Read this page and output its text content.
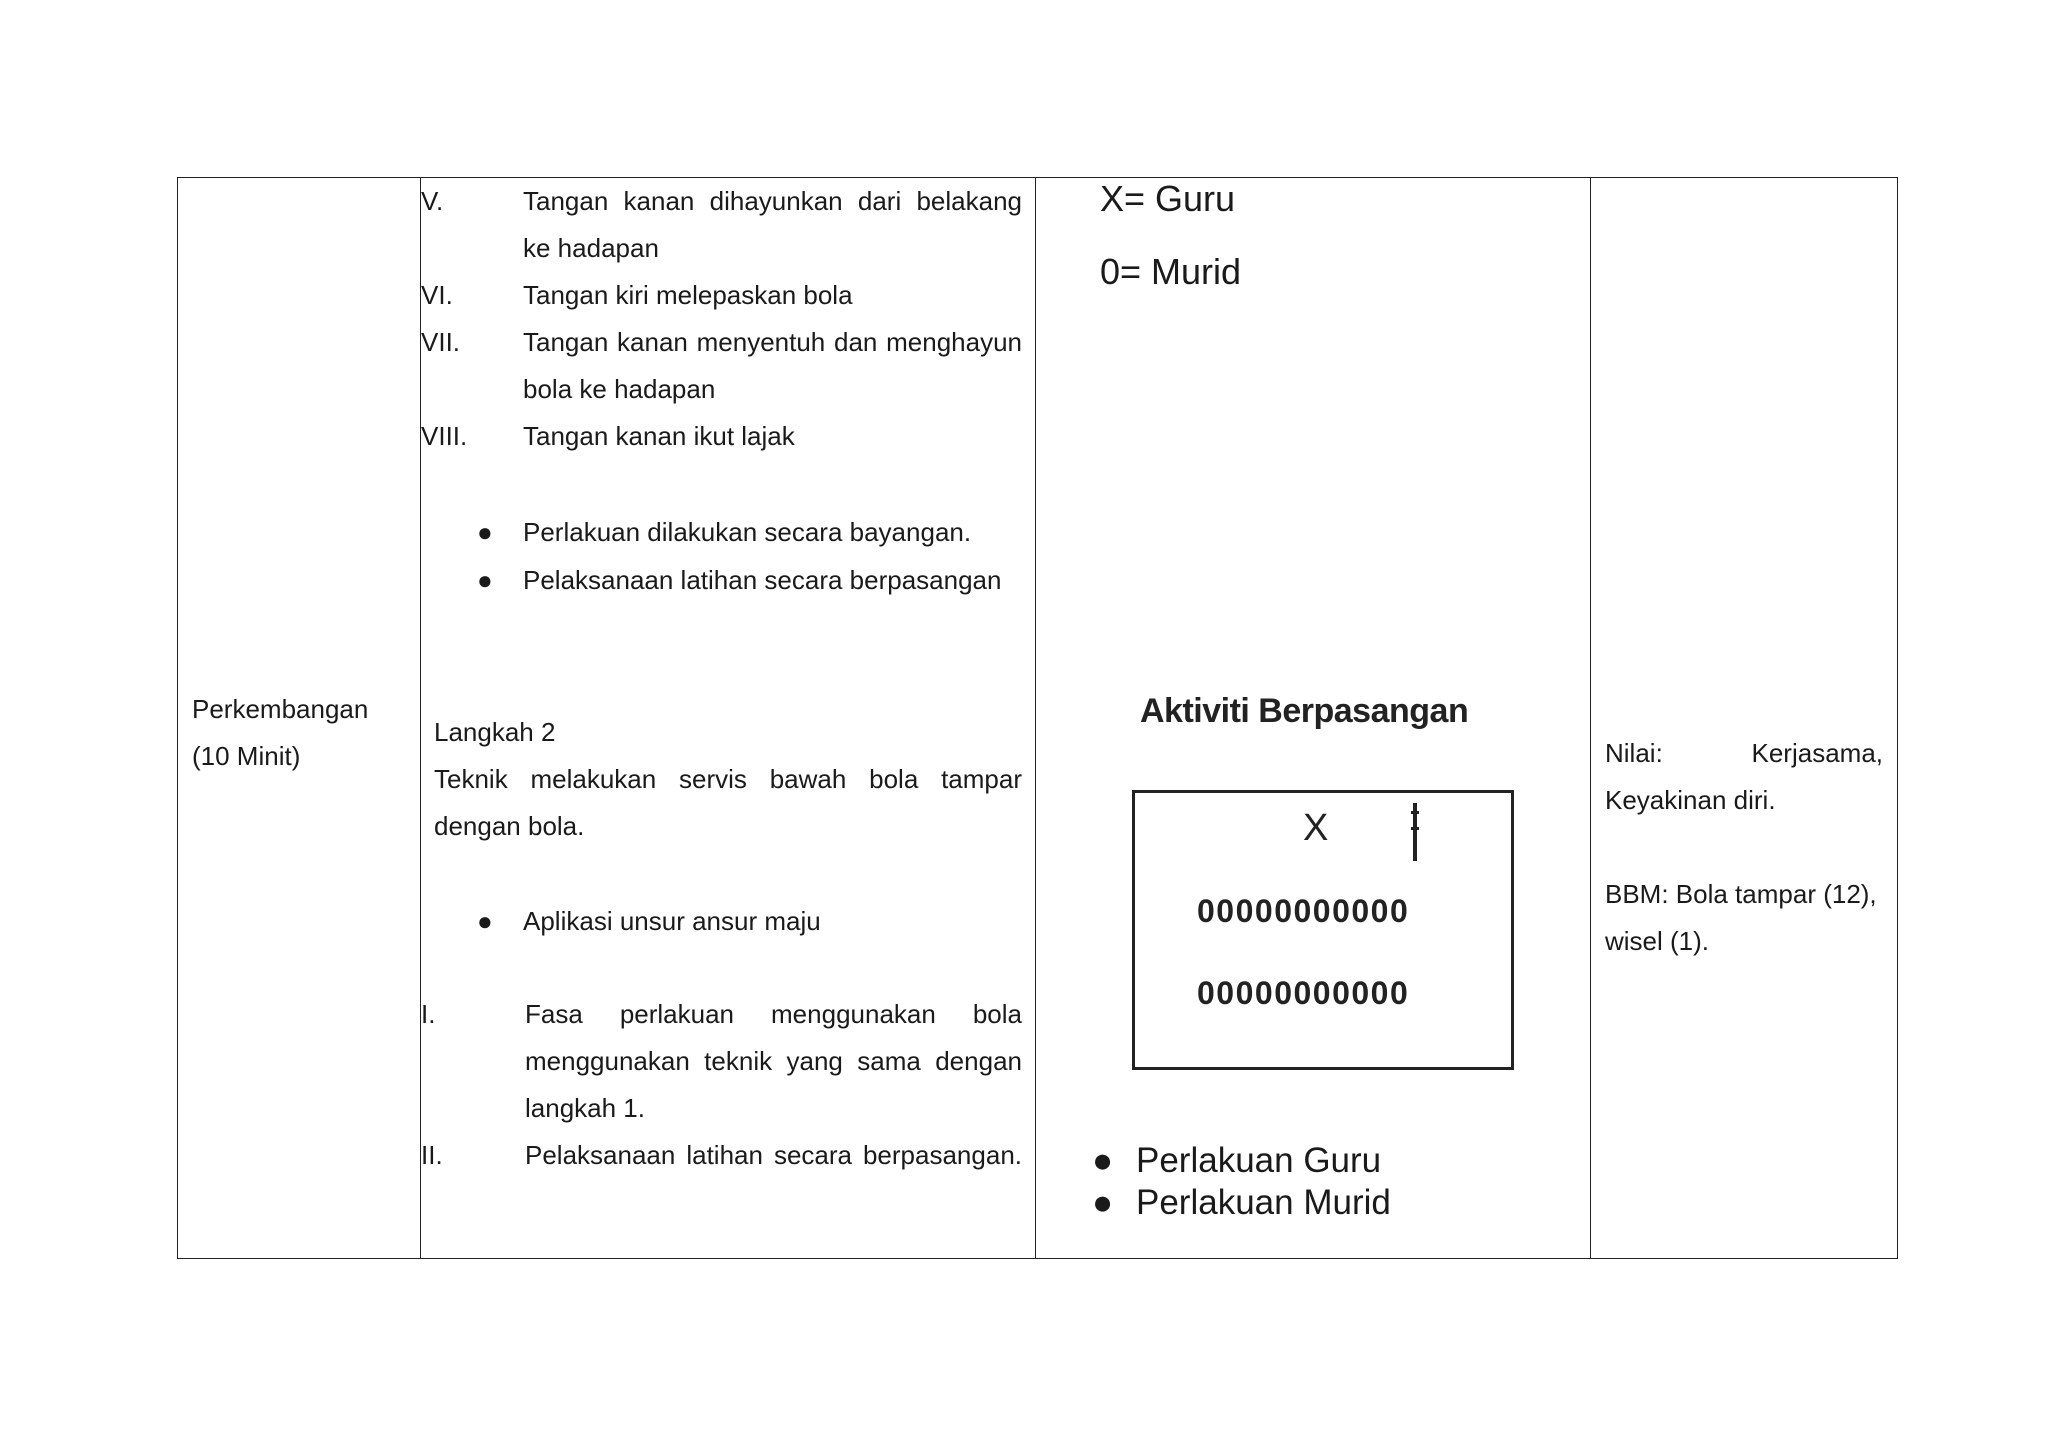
Perkembangan
(10 Minit)

V.	Tangan kanan dihayunkan dari belakang ke hadapan
VI.	Tangan kiri melepaskan bola
VII.	Tangan kanan menyentuh dan menghayun bola ke hadapan
VIII.	Tangan kanan ikut lajak
● Perlakuan dilakukan secara bayangan.
● Pelaksanaan latihan secara berpasangan
Langkah 2
Teknik melakukan servis bawah bola tampar dengan bola.
● Aplikasi unsur ansur maju
I.	Fasa perlakuan menggunakan bola menggunakan teknik yang sama dengan langkah 1.
II.	Pelaksanaan latihan secara berpasangan.

X= Guru
0= Murid
Aktiviti Berpasangan
X
00000000000
00000000000
● Perlakuan Guru
● Perlakuan Murid

Nilai:	Kerjasama,
Keyakinan diri.
BBM: Bola tampar (12), wisel (1).
